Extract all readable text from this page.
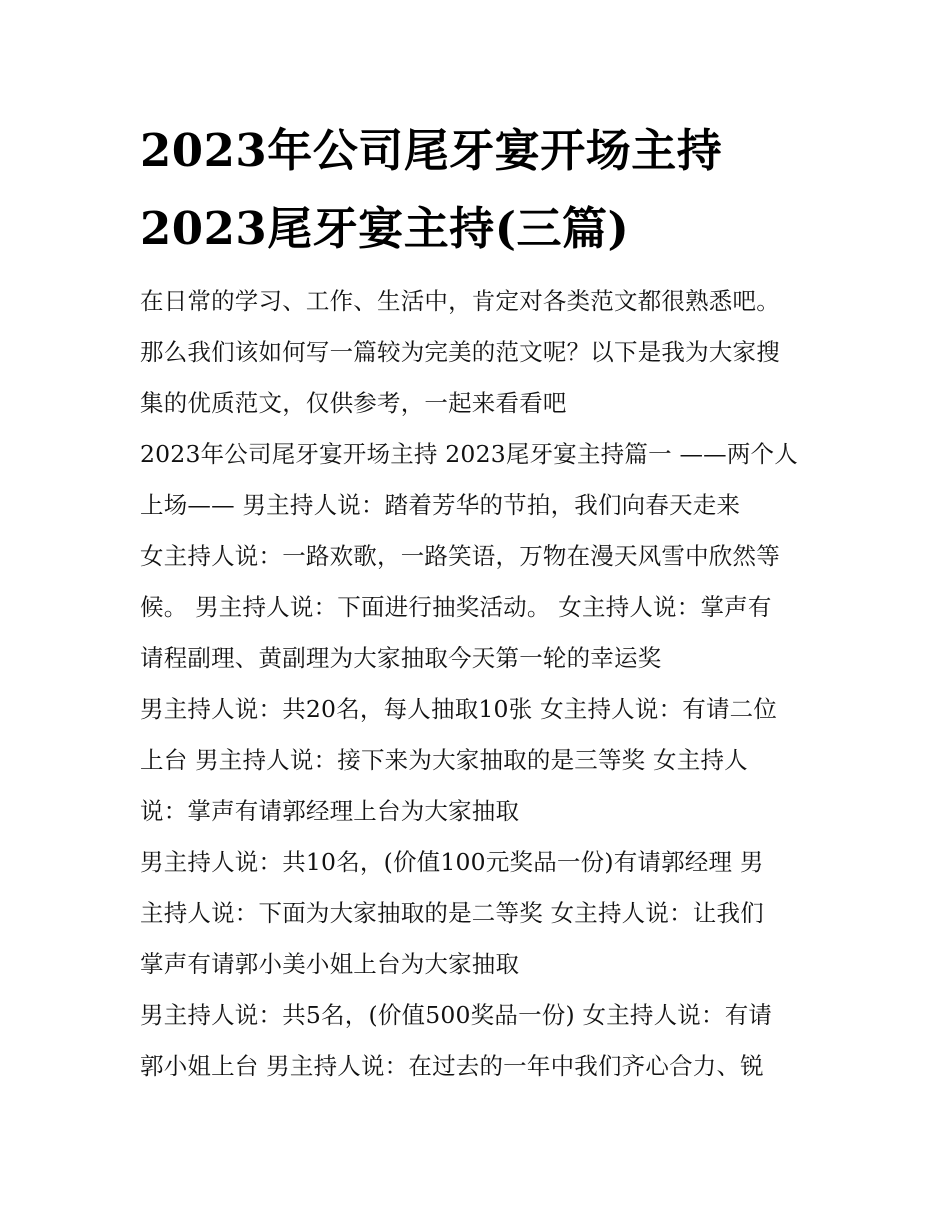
2023年公司尾牙宴开场主持
2023尾牙宴主持(三篇)
在日常的学习、工作、生活中，肯定对各类范文都很熟悉吧。
那么我们该如何写一篇较为完美的范文呢？以下是我为大家搜
集的优质范文，仅供参考，一起来看看吧
2023年公司尾牙宴开场主持 2023尾牙宴主持篇一 ——两个人
上场—— 男主持人说：踏着芳华的节拍，我们向春天走来
女主持人说：一路欢歌，一路笑语，万物在漫天风雪中欣然等
候。 男主持人说：下面进行抽奖活动。 女主持人说：掌声有
请程副理、黄副理为大家抽取今天第一轮的幸运奖
男主持人说：共20名，每人抽取10张 女主持人说：有请二位
上台 男主持人说：接下来为大家抽取的是三等奖 女主持人
说：掌声有请郭经理上台为大家抽取
男主持人说：共10名，(价值100元奖品一份)有请郭经理 男
主持人说：下面为大家抽取的是二等奖 女主持人说：让我们
掌声有请郭小美小姐上台为大家抽取
男主持人说：共5名，(价值500奖品一份) 女主持人说：有请
郭小姐上台 男主持人说：在过去的一年中我们齐心合力、锐
